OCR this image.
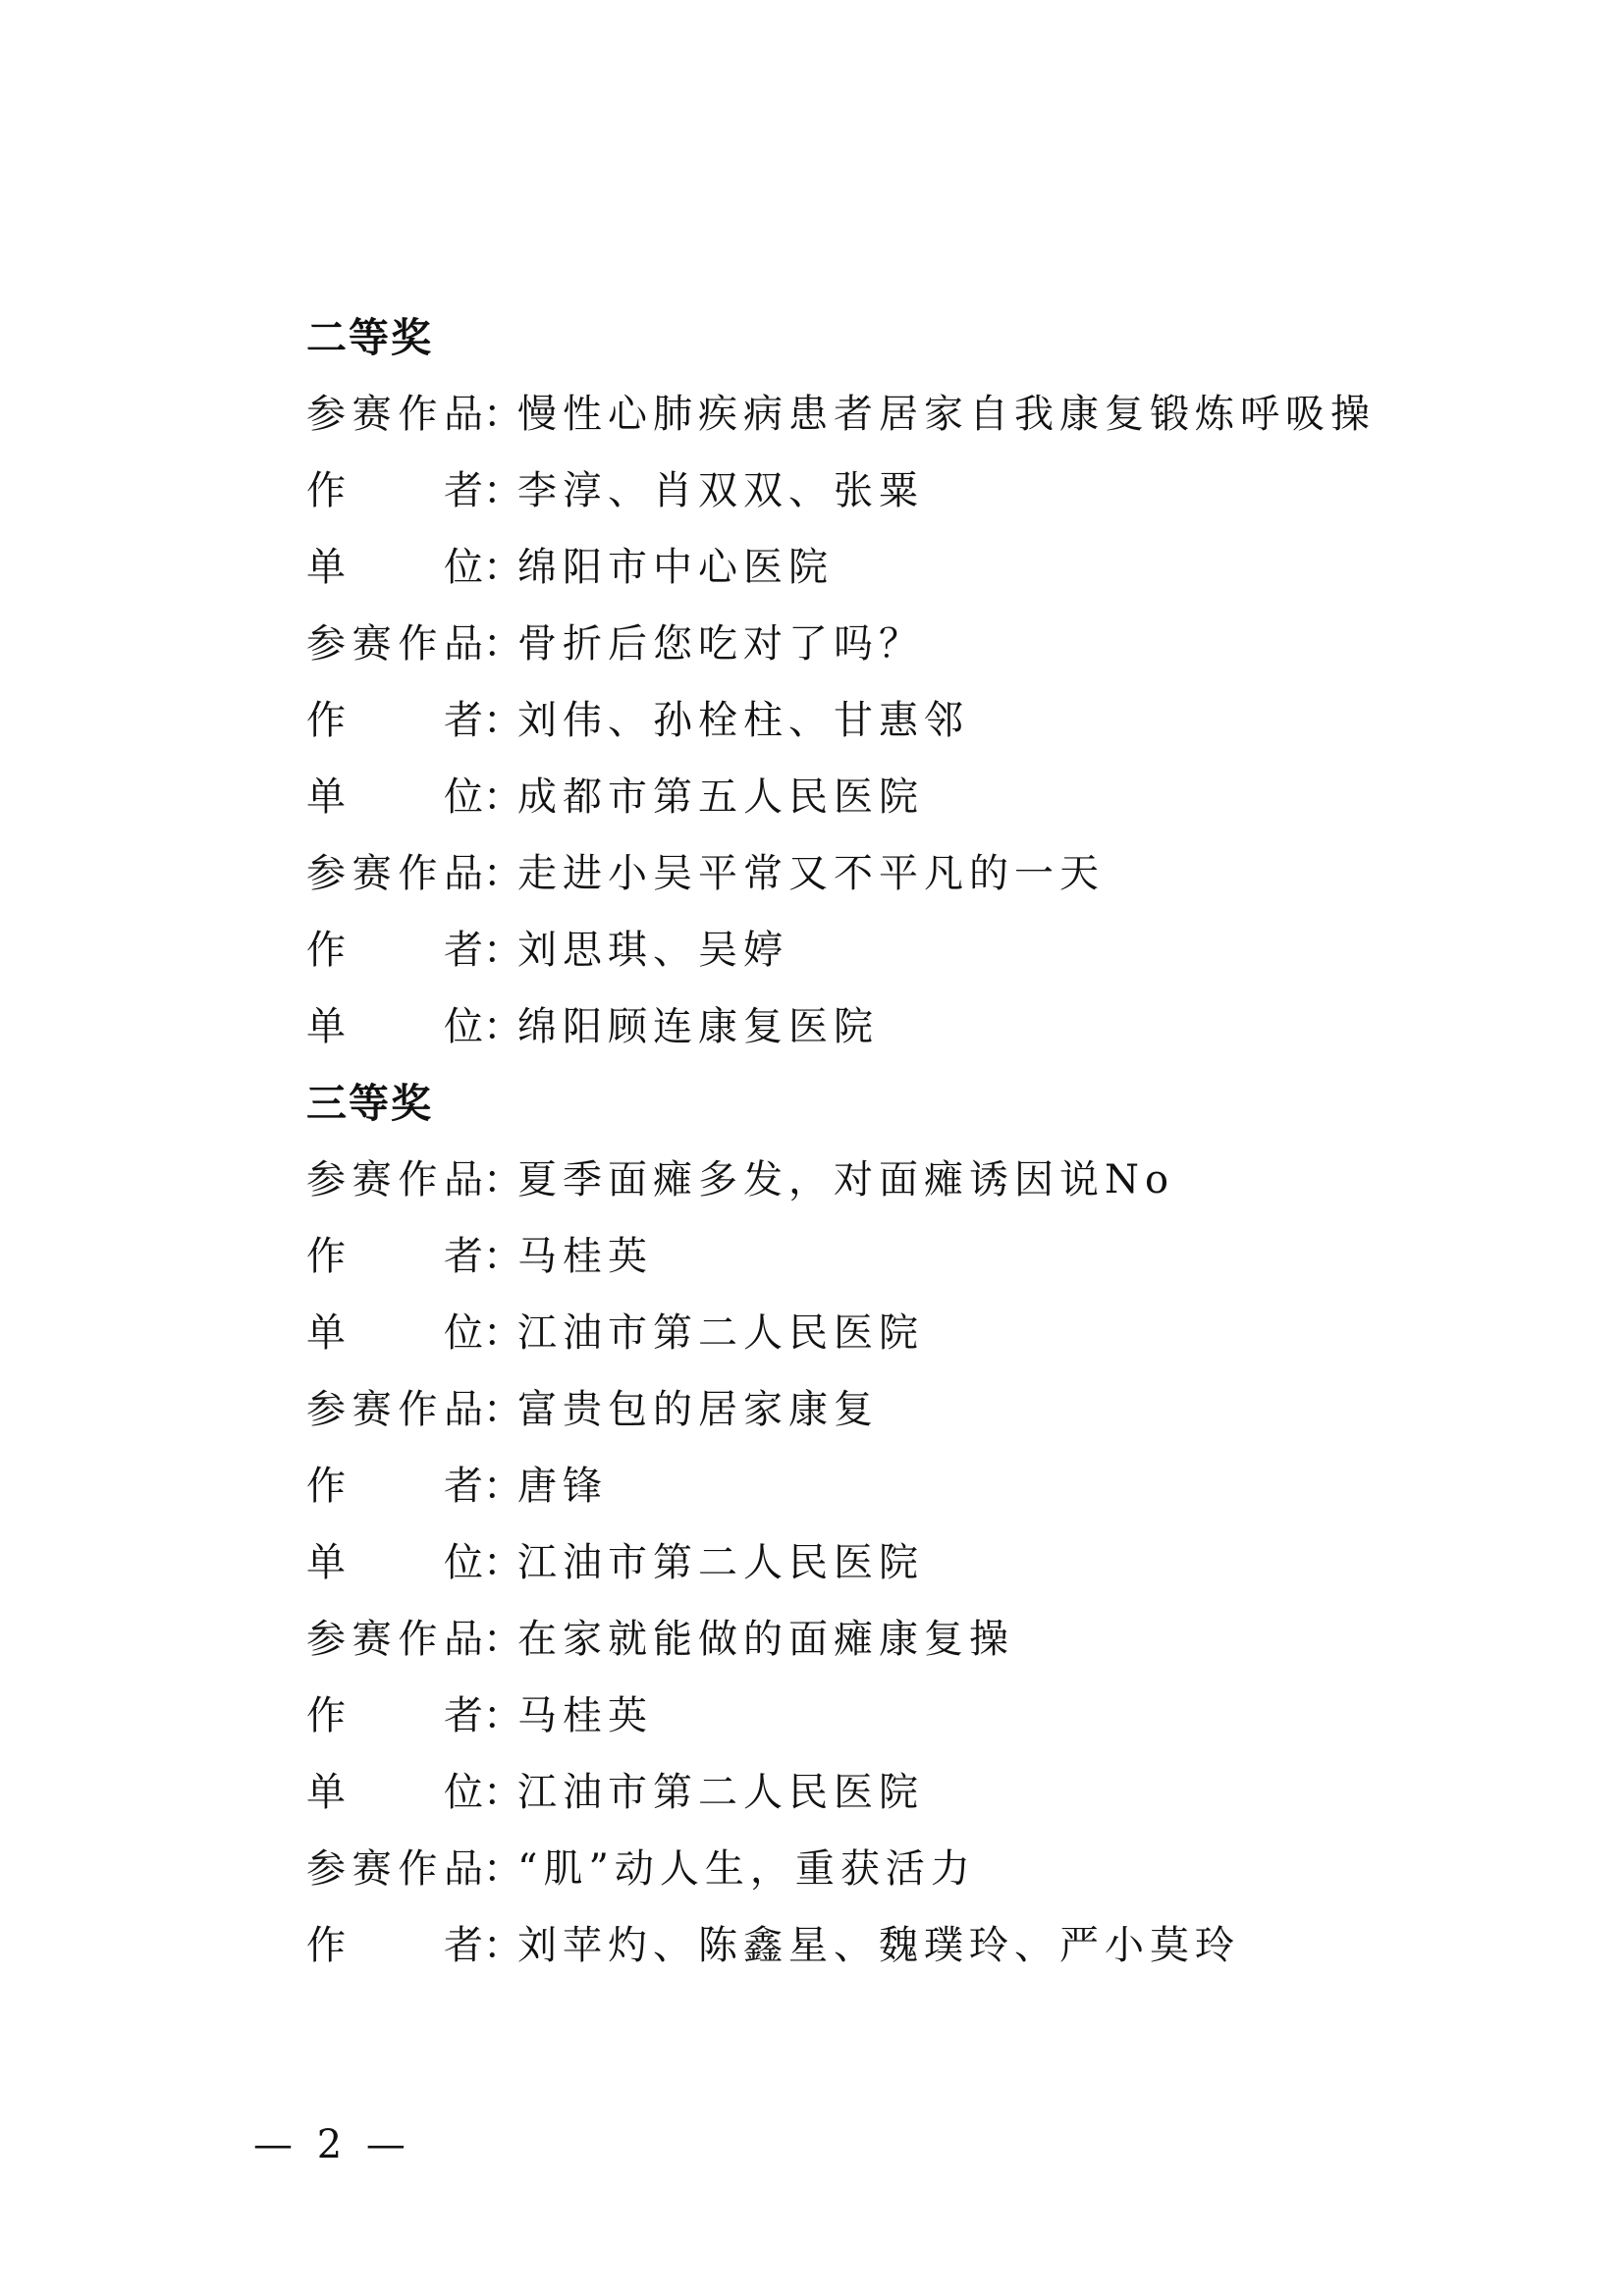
二等奖
参 赛 作 品 ：
慢性心肺疾病患者居家自我康复锻炼呼吸操
作	者 ：
李淳、肖双双、张粟
单	位 ：
绵阳市中心医院
参 赛 作 品 ：
骨折后您吃对了吗？
作	者 ：
刘伟、孙栓柱、甘惠邻
单	位 ：
成都市第五人民医院
参 赛 作 品 ：
走进小吴平常又不平凡的一天
作	者 ：
刘思琪、吴婷
单	位 ：
绵阳顾连康复医院
三等奖
参 赛 作 品 ：
夏季面瘫多发，对面瘫诱因说No
作	者 ：
马桂英
单	位 ：
江油市第二人民医院
参 赛 作 品 ：
富贵包的居家康复
作	者 ：
唐锋
单	位 ：
江油市第二人民医院
参 赛 作 品 ：
在家就能做的面瘫康复操
作	者 ：
马桂英
单	位 ：
江油市第二人民医院
参 赛 作 品 ：
“肌”动人生，重获活力
作	者 ：
刘苹灼、陈鑫星、魏璞玲、严小莫玲
— 2 —
